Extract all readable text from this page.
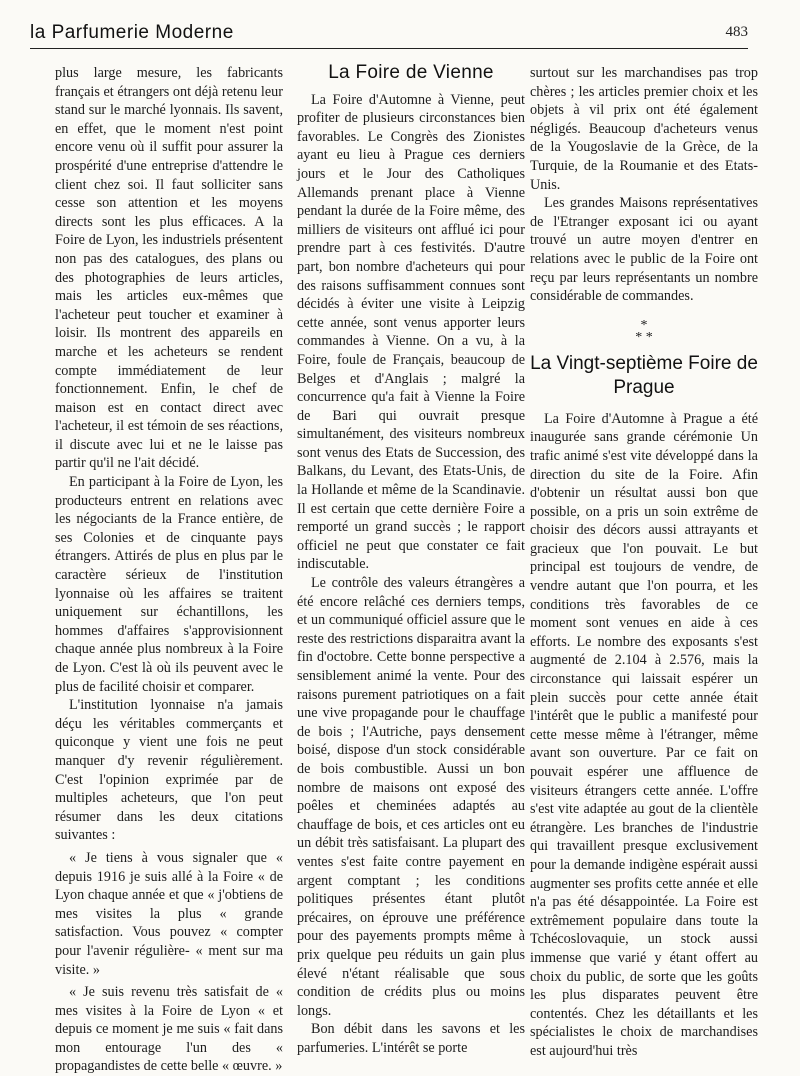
la Parfumerie Moderne	483

plus large mesure, les fabricants français et étrangers ont déjà retenu leur stand sur le marché lyonnais. Ils savent, en effet, que le moment n'est point encore venu où il suffit pour assurer la prospérité d'une entreprise d'attendre le client chez soi. Il faut solliciter sans cesse son attention et les moyens directs sont les plus efficaces. A la Foire de Lyon, les industriels présentent non pas des catalogues, des plans ou des photographies de leurs articles, mais les articles eux-mêmes que l'acheteur peut toucher et examiner à loisir. Ils montrent des appareils en marche et les acheteurs se rendent compte immédiatement de leur fonctionnement. Enfin, le chef de maison est en contact direct avec l'acheteur, il est témoin de ses réactions, il discute avec lui et ne le laisse pas partir qu'il ne l'ait décidé.

En participant à la Foire de Lyon, les producteurs entrent en relations avec les négociants de la France entière, de ses Colonies et de cinquante pays étrangers. Attirés de plus en plus par le caractère sérieux de l'institution lyonnaise où les affaires se traitent uniquement sur échantillons, les hommes d'affaires s'approvisionnent chaque année plus nombreux à la Foire de Lyon. C'est là où ils peuvent avec le plus de facilité choisir et comparer.

L'institution lyonnaise n'a jamais déçu les véritables commerçants et quiconque y vient une fois ne peut manquer d'y revenir régulièrement. C'est l'opinion exprimée par de multiples acheteurs, que l'on peut résumer dans les deux citations suivantes :

« Je tiens à vous signaler que « depuis 1916 je suis allé à la Foire « de Lyon chaque année et que « j'obtiens de mes visites la plus « grande satisfaction. Vous pouvez « compter pour l'avenir régulière- « ment sur ma visite. »

« Je suis revenu très satisfait de « mes visites à la Foire de Lyon « et depuis ce moment je me suis « fait dans mon entourage l'un des « propagandistes de cette belle « œuvre. »

La Foire de Vienne

La Foire d'Automne à Vienne, peut profiter de plusieurs circonstances bien favorables. Le Congrès des Zionistes ayant eu lieu à Prague ces derniers jours et le Jour des Catholiques Allemands prenant place à Vienne pendant la durée de la Foire même, des milliers de visiteurs ont afflué ici pour prendre part à ces festivités. D'autre part, bon nombre d'acheteurs qui pour des raisons suffisamment connues sont décidés à éviter une visite à Leipzig cette année, sont venus apporter leurs commandes à Vienne. On a vu, à la Foire, foule de Français, beaucoup de Belges et d'Anglais ; malgré la concurrence qu'a fait à Vienne la Foire de Bari qui ouvrait presque simultanément, des visiteurs nombreux sont venus des Etats de Succession, des Balkans, du Levant, des Etats-Unis, de la Hollande et même de la Scandinavie. Il est certain que cette dernière Foire a remporté un grand succès ; le rapport officiel ne peut que constater ce fait indiscutable.

Le contrôle des valeurs étrangères a été encore relâché ces derniers temps, et un communiqué officiel assure que le reste des restrictions disparaitra avant la fin d'octobre. Cette bonne perspective a sensiblement animé la vente. Pour des raisons purement patriotiques on a fait une vive propagande pour le chauffage de bois ; l'Autriche, pays densement boisé, dispose d'un stock considérable de bois combustible. Aussi un bon nombre de maisons ont exposé des poêles et cheminées adaptés au chauffage de bois, et ces articles ont eu un débit très satisfaisant. La plupart des ventes s'est faite contre payement en argent comptant ; les conditions politiques présentes étant plutôt précaires, on éprouve une préférence pour des payements prompts même à prix quelque peu réduits un gain plus élevé n'étant réalisable que sous condition de crédits plus ou moins longs.

Bon débit dans les savons et les parfumeries. L'intérêt se porte

surtout sur les marchandises pas trop chères ; les articles premier choix et les objets à vil prix ont été également négligés. Beaucoup d'acheteurs venus de la Yougoslavie de la Grèce, de la Turquie, de la Roumanie et des Etats-Unis.

Les grandes Maisons représentatives de l'Etranger exposant ici ou ayant trouvé un autre moyen d'entrer en relations avec le public de la Foire ont reçu par leurs représentants un nombre considérable de commandes.

*
* *
La Vingt-septième Foire de Prague

La Foire d'Automne à Prague a été inaugurée sans grande cérémonie Un trafic animé s'est vite développé dans la direction du site de la Foire. Afin d'obtenir un résultat aussi bon que possible, on a pris un soin extrême de choisir des décors aussi attrayants et gracieux que l'on pouvait. Le but principal est toujours de vendre, de vendre autant que l'on pourra, et les conditions très favorables de ce moment sont venues en aide à ces efforts. Le nombre des exposants s'est augmenté de 2.104 à 2.576, mais la circonstance qui laissait espérer un plein succès pour cette année était l'intérêt que le public a manifesté pour cette messe même à l'étranger, même avant son ouverture. Par ce fait on pouvait espérer une affluence de visiteurs étrangers cette année. L'offre s'est vite adaptée au gout de la clientèle étrangère. Les branches de l'industrie qui travaillent presque exclusivement pour la demande indigène espérait aussi augmenter ses profits cette année et elle n'a pas été désappointée. La Foire est extrêmement populaire dans toute la Tchécoslovaquie, un stock aussi immense que varié y étant offert au choix du public, de sorte que les goûts les plus disparates peuvent être contentés. Chez les détaillants et les spécialistes le choix de marchandises est aujourd'hui très
